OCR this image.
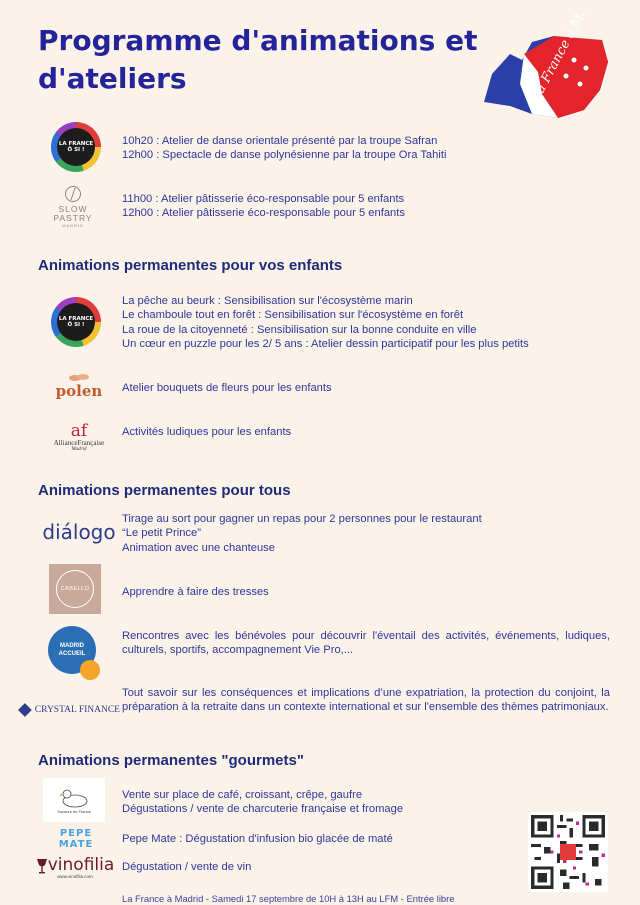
Programme d'animations et d'ateliers
LA FRANCE Ô SI !
10h20 : Atelier de danse orientale présenté par la troupe Safran
12h00 : Spectacle de danse polynésienne par la troupe Ora Tahiti
SLOW PASTRY
MADRID
11h00 : Atelier pâtisserie éco-responsable pour 5 enfants
12h00 : Atelier pâtisserie éco-responsable pour 5 enfants
Animations permanentes pour vos enfants
LA FRANCE Ô SI !
La pêche au beurk : Sensibilisation sur l'écosystème marin
Le chamboule tout en forêt : Sensibilisation sur l'écosystème en forêt
La roue de la citoyenneté : Sensibilisation sur la bonne conduite en ville
Un cœur en puzzle pour les 2/ 5 ans : Atelier dessin participatif pour les plus petits
polen Atelier bouquets de fleurs pour les enfants
af
AllianceFrançaise
Madrid
Activités ludiques pour les enfants
Animations permanentes pour tous
diálogo
Tirage au sort pour gagner un repas pour 2 personnes pour le restaurant
“Le petit Prince”
Animation avec une chanteuse
CABELLO	Apprendre à faire des tresses
MADRID ACCUEIL
Rencontres avec les bénévoles pour découvrir l'éventail des activités, événements, ludiques, culturels, sportifs, accompagnement Vie Pro,...
CRYSTAL FINANCE
Tout savoir sur les conséquences et implications d’une expatriation, la protection du conjoint, la préparation à la retraite dans un contexte international et sur l'ensemble des thèmes patrimoniaux.
Animations permanentes "gourmets"
Saveurs de France
Vente sur place de café, croissant, crêpe, gaufre
Dégustations / vente de charcuterie française et fromage
PEPE
MATE	Pepe Mate : Dégustation d'infusion bio glacée de maté
vinofilia
www.vinofilia.com
Dégustation / vente de vin
La France à Madrid - Samedi 17 septembre de 10H à 13H au LFM - Entrée libre
